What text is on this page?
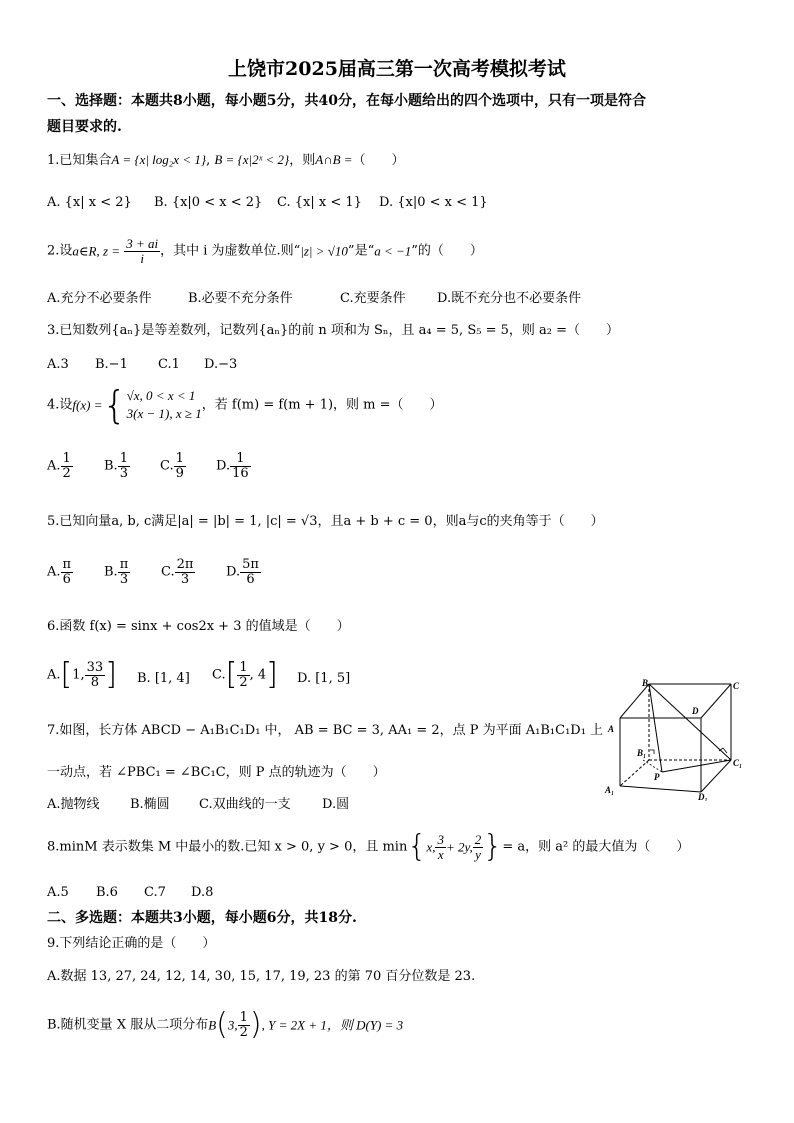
上饶市2025届高三第一次高考模拟考试
一、选择题：本题共8小题，每小题5分，共40分，在每小题给出的四个选项中，只有一项是符合
题目要求的.
1.已知集合A = {x| log₂x < 1}, B = {x|2ˣ < 2}，则A∩B =（　　）
A. {x| x < 2} B. {x|0 < x < 2} C. {x| x < 1} D. {x|0 < x < 1}
2.设a∈R, $z = \frac{3 + ai}{i}$ ，其中 i 为虚数单位.则“|z| > √10”是“a < −1”的（　　）
A.充分不必要条件	B.必要不充分条件	C.充要条件 D.既不充分也不必要条件
3.已知数列{aₙ}是等差数列，记数列{aₙ}的前 n 项和为 Sₙ，且 a₄ = 5, S₅ = 5，则 a₂ =（　　）
A.3 B.−1 C.1 D.−3
4.设f(x) ={ √x, 0 < x < 1
3(x − 1), x ≥ 1
，若 f(m) = f(m + 1)，则 m =（　　）
A. $\frac{1}{2} B$. $\frac{1}{3} C$. $\frac{1}{9} D$. $\frac{1}{16}$
5.已知向量a, b, c满足|a| = |b| = 1, |c| = √3，且a + b + c = 0，则a与c的夹角等于（　　）
A. $\frac{\pi}{6} B$. $\frac{\pi}{3} C$. $\frac{2\pi}{3} D$. $\frac{5\pi}{6}$
6.函数 f(x) = sinx + cos2x + 3 的值域是（　　）
A.[1, $\frac{33}{8}$ ] B. [1, 4] $C.[ \frac{1}{2}$ , 4] D. [1, 5]	B	C
A
D
B₁
C₁
A₁
D₁
P
7.如图，长方体 ABCD − A₁B₁C₁D₁ 中， AB = BC = 3, AA₁ = 2，点 P 为平面 A₁B₁C₁D₁ 上
一动点，若 ∠PBC₁ = ∠BC₁C，则 P 点的轨迹为（　　）
A.抛物线 B.椭圆 C.双曲线的一支 D.圆
8.minM 表示数集 M 中最小的数.已知 x > 0, y > 0，且 min{x, $\frac{3}{x} + 2y$, $\frac{2}{y}$ }= a，则 a² 的最大值为（　　）
A.5 B.6 C.7 D.8
二、多选题：本题共3小题，每小题6分，共18分.
9.下列结论正确的是（　　）
A.数据 13, 27, 24, 12, 14, 30, 15, 17, 19, 23 的第 70 百分位数是 23.
B.随机变量 X 服从二项分布B(3, $\frac{1}{2}$ ), Y = 2X + 1，则 D(Y) = 3
